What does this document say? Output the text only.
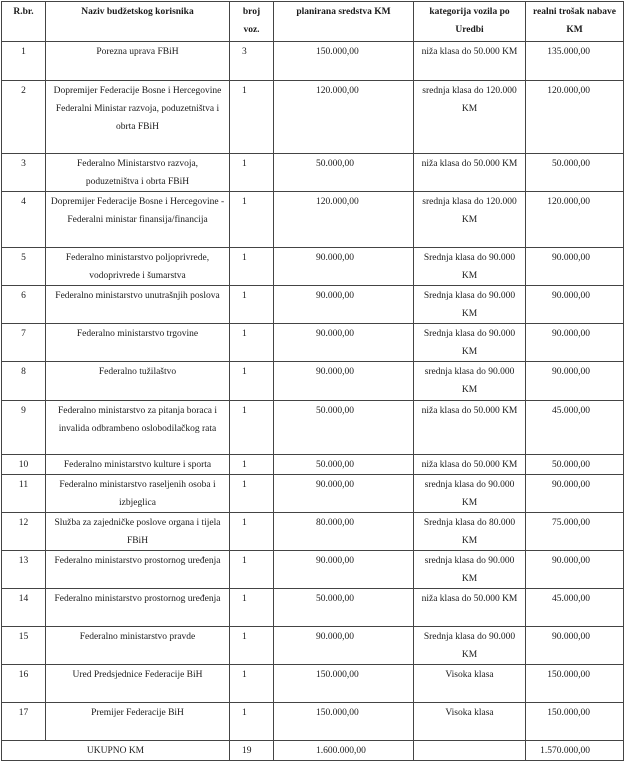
R.br.	Naziv budžetskog korisnika	broj voz.	planirana sredstva KM	kategorija vozila po Uredbi	realni trošak nabave KM
1	Porezna uprava FBiH	3	150.000,00	niža klasa do 50.000 KM	135.000,00
2	Dopremijer Federacije Bosne i Hercegovine Federalni Ministar razvoja, poduzetništva i obrta FBiH	1	120.000,00	srednja klasa do 120.000 KM	120.000,00
3	Federalno Ministarstvo razvoja, poduzetništva i obrta FBiH	1	50.000,00	niža klasa do 50.000 KM	50.000,00
4	Dopremijer Federacije Bosne i Hercegovine - Federalni ministar finansija/financija	1	120.000,00	srednja klasa do 120.000 KM	120.000,00
5	Federalno ministarstvo poljoprivrede, vodoprivrede i šumarstva	1	90.000,00	Srednja klasa do 90.000 KM	90.000,00
6	Federalno ministarstvo unutrašnjih poslova	1	90.000,00	Srednja klasa do 90.000 KM	90.000,00
7	Federalno ministarstvo trgovine	1	90.000,00	Srednja klasa do 90.000 KM	90.000,00
8	Federalno tužilaštvo	1	90.000,00	srednja klasa do 90.000 KM	90.000,00
9	Federalno ministarstvo za pitanja boraca i invalida odbrambeno oslobodilačkog rata	1	50.000,00	niža klasa do 50.000 KM	45.000,00
10	Federalno ministarstvo kulture i sporta	1	50.000,00	niža klasa do 50.000 KM	50.000,00
11	Federalno ministarstvo raseljenih osoba i izbjeglica	1	90.000,00	srednja klasa do 90.000 KM	90.000,00
12	Služba za zajedničke poslove organa i tijela FBiH	1	80.000,00	Srednja klasa do 80.000 KM	75.000,00
13	Federalno ministarstvo prostornog uređenja	1	90.000,00	srednja klasa do 90.000 KM	90.000,00
14	Federalno ministarstvo prostornog uređenja	1	50.000,00	niža klasa do 50.000 KM	45.000,00
15	Federalno ministarstvo pravde	1	90.000,00	Srednja klasa do 90.000 KM	90.000,00
16	Ured Predsjednice Federacije BiH	1	150.000,00	Visoka klasa	150.000,00
17	Premijer Federacije BiH	1	150.000,00	Visoka klasa	150.000,00
UKUPNO KM		19	1.600.000,00		1.570.000,00
